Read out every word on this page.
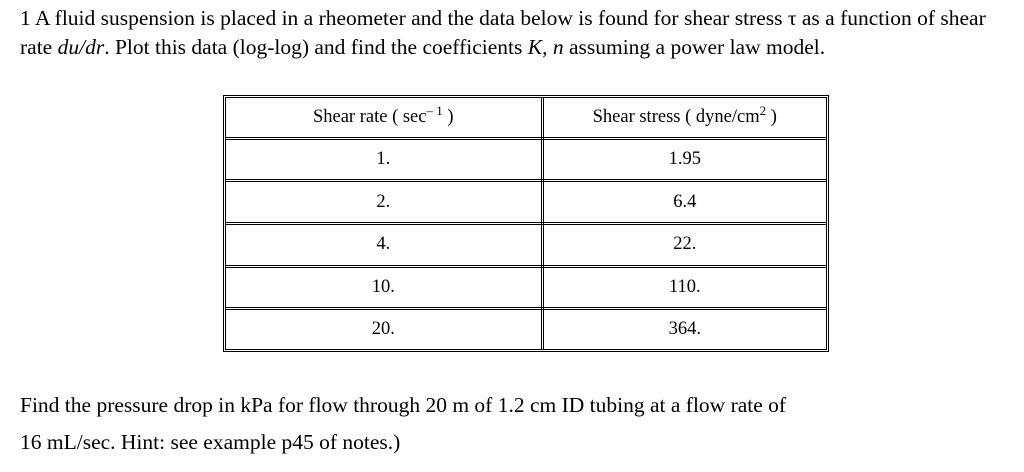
1 A fluid suspension is placed in a rheometer and the data below is found for shear stress τ as a function of shear rate du/dr. Plot this data (log-log) and find the coefficients K, n assuming a power law model.

Shear rate ( $\sec^{- 1}$ )	Shear stress ( dyne/$cm^2$ )
1.	1.95
2.	6.4
4.	22.
10.	110.
20.	364.

Find the pressure drop in kPa for flow through 20 m of 1.2 cm ID tubing at a flow rate of
16 mL/sec. Hint: see example p45 of notes.)
